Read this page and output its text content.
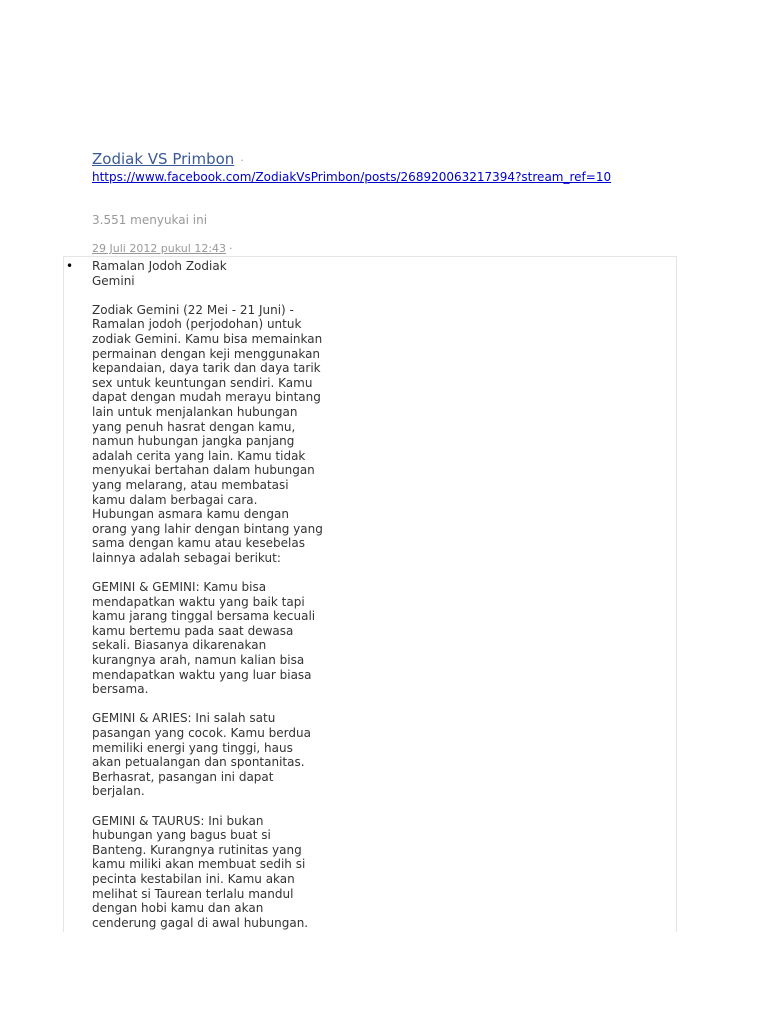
Zodiak VS Primbon ·
https://www.facebook.com/ZodiakVsPrimbon/posts/268920063217394?stream_ref=10
3.551 menyukai ini
29 Juli 2012 pukul 12:43 ·
• Ramalan Jodoh Zodiak
Gemini

Zodiak Gemini (22 Mei - 21 Juni) -
Ramalan jodoh (perjodohan) untuk
zodiak Gemini. Kamu bisa memainkan
permainan dengan keji menggunakan
kepandaian, daya tarik dan daya tarik
sex untuk keuntungan sendiri. Kamu
dapat dengan mudah merayu bintang
lain untuk menjalankan hubungan
yang penuh hasrat dengan kamu,
namun hubungan jangka panjang
adalah cerita yang lain. Kamu tidak
menyukai bertahan dalam hubungan
yang melarang, atau membatasi
kamu dalam berbagai cara.
Hubungan asmara kamu dengan
orang yang lahir dengan bintang yang
sama dengan kamu atau kesebelas
lainnya adalah sebagai berikut:

GEMINI & GEMINI: Kamu bisa
mendapatkan waktu yang baik tapi
kamu jarang tinggal bersama kecuali
kamu bertemu pada saat dewasa
sekali. Biasanya dikarenakan
kurangnya arah, namun kalian bisa
mendapatkan waktu yang luar biasa
bersama.

GEMINI & ARIES: Ini salah satu
pasangan yang cocok. Kamu berdua
memiliki energi yang tinggi, haus
akan petualangan dan spontanitas.
Berhasrat, pasangan ini dapat
berjalan.

GEMINI & TAURUS: Ini bukan
hubungan yang bagus buat si
Banteng. Kurangnya rutinitas yang
kamu miliki akan membuat sedih si
pecinta kestabilan ini. Kamu akan
melihat si Taurean terlalu mandul
dengan hobi kamu dan akan
cenderung gagal di awal hubungan.
